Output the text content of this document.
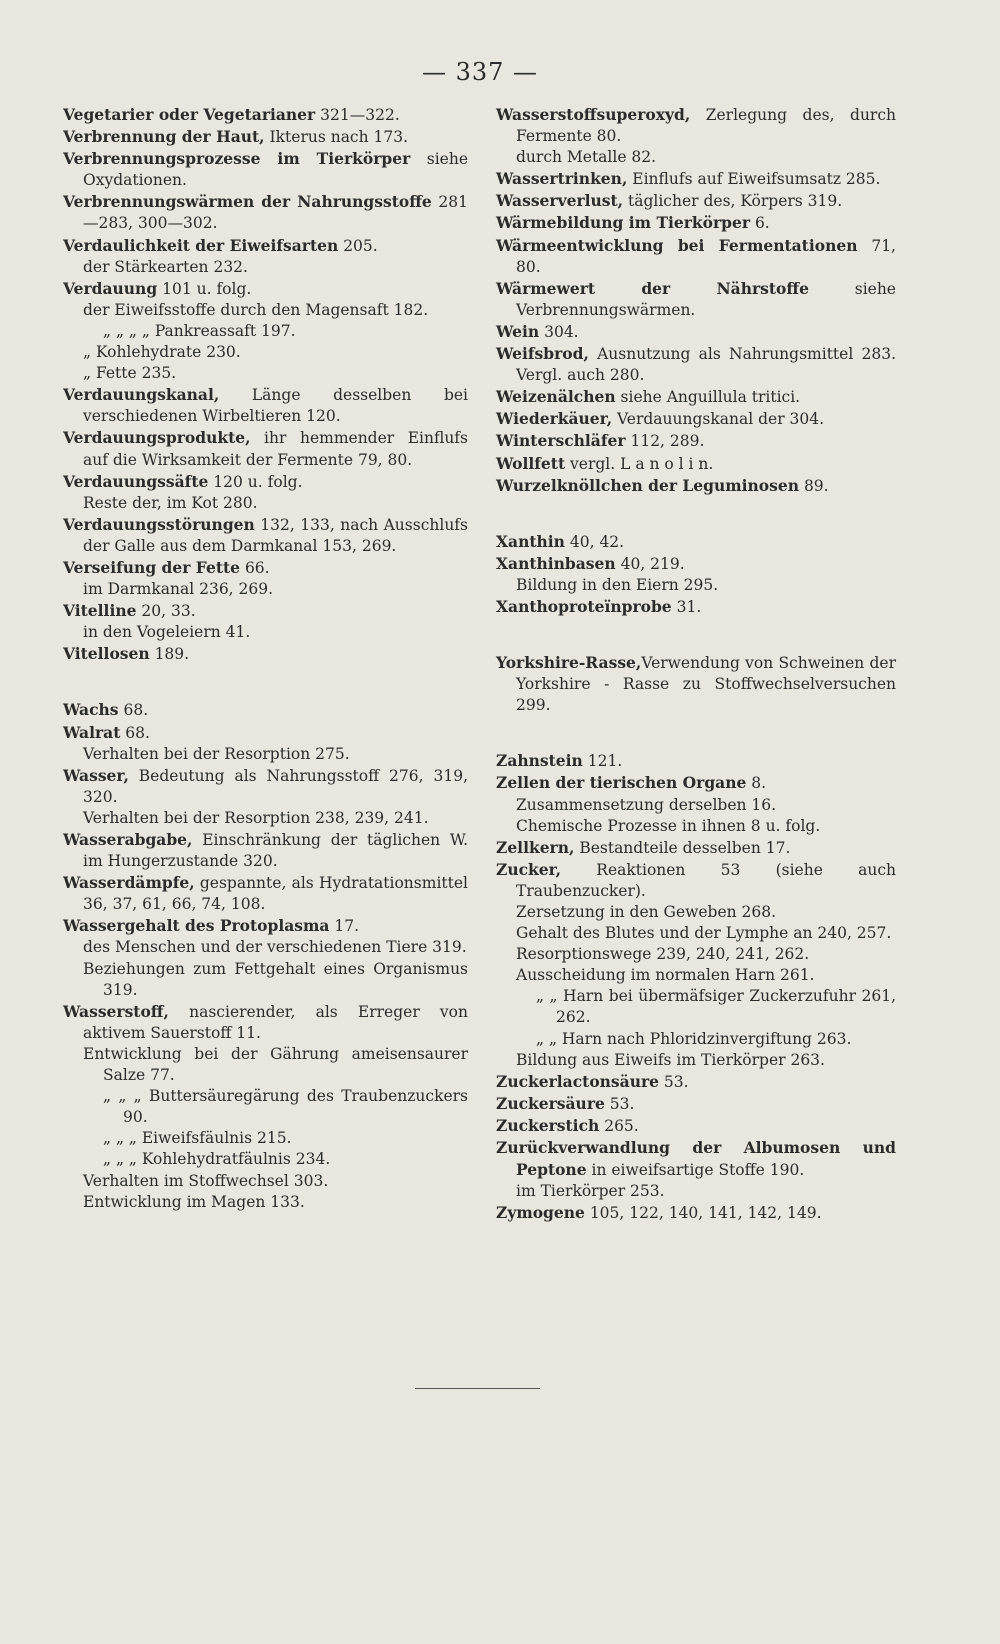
— 337 —

Vegetarier oder Vegetarianer 321—322.

Verbrennung der Haut, Ikterus nach 173.

Verbrennungsprozesse im Tierkörper siehe Oxydationen.

Verbrennungswärmen der Nahrungsstoffe 281—283, 300—302.

Verdaulichkeit der Eiweifsarten 205.

der Stärkearten 232.

Verdauung 101 u. folg.

der Eiweifsstoffe durch den Magensaft 182.

„ „ „ „ Pankreassaft 197.

„ Kohlehydrate 230.

„ Fette 235.

Verdauungskanal, Länge desselben bei verschiedenen Wirbeltieren 120.

Verdauungsprodukte, ihr hemmender Einflufs auf die Wirksamkeit der Fermente 79, 80.

Verdauungssäfte 120 u. folg.

Reste der, im Kot 280.

Verdauungsstörungen 132, 133, nach Ausschlufs der Galle aus dem Darmkanal 153, 269.

Verseifung der Fette 66.

im Darmkanal 236, 269.

Vitelline 20, 33.

in den Vogeleiern 41.

Vitellosen 189.

Wachs 68.

Walrat 68.

Verhalten bei der Resorption 275.

Wasser, Bedeutung als Nahrungsstoff 276, 319, 320.

Verhalten bei der Resorption 238, 239, 241.

Wasserabgabe, Einschränkung der täglichen W. im Hungerzustande 320.

Wasserdämpfe, gespannte, als Hydratationsmittel 36, 37, 61, 66, 74, 108.

Wassergehalt des Protoplasma 17.

des Menschen und der verschiedenen Tiere 319.

Beziehungen zum Fettgehalt eines Organismus 319.

Wasserstoff, nascierender, als Erreger von aktivem Sauerstoff 11.

Entwicklung bei der Gährung ameisensaurer Salze 77.

„ „ „ Buttersäuregärung des Traubenzuckers 90.

„ „ „ Eiweifsfäulnis 215.

„ „ „ Kohlehydratfäulnis 234.

Verhalten im Stoffwechsel 303.

Entwicklung im Magen 133.

Wasserstoffsuperoxyd, Zerlegung des, durch Fermente 80.

durch Metalle 82.

Wassertrinken, Einflufs auf Eiweifsumsatz 285.

Wasserverlust, täglicher des, Körpers 319.

Wärmebildung im Tierkörper 6.

Wärmeentwicklung bei Fermentationen 71, 80.

Wärmewert der Nährstoffe siehe Verbrennungswärmen.

Wein 304.

Weifsbrod, Ausnutzung als Nahrungsmittel 283. Vergl. auch 280.

Weizenälchen siehe Anguillula tritici.

Wiederkäuer, Verdauungskanal der 304.

Winterschläfer 112, 289.

Wollfett vergl. L a n o l i n.

Wurzelknöllchen der Leguminosen 89.

Xanthin 40, 42.

Xanthinbasen 40, 219.

Bildung in den Eiern 295.

Xanthoproteïnprobe 31.

Yorkshire-Rasse,Verwendung von Schweinen der Yorkshire - Rasse zu Stoffwechselversuchen 299.

Zahnstein 121.

Zellen der tierischen Organe 8.

Zusammensetzung derselben 16.

Chemische Prozesse in ihnen 8 u. folg.

Zellkern, Bestandteile desselben 17.

Zucker, Reaktionen 53 (siehe auch Traubenzucker).

Zersetzung in den Geweben 268.

Gehalt des Blutes und der Lymphe an 240, 257.

Resorptionswege 239, 240, 241, 262.

Ausscheidung im normalen Harn 261.

„ „ Harn bei übermäfsiger Zuckerzufuhr 261, 262.

„ „ Harn nach Phloridzinvergiftung 263.

Bildung aus Eiweifs im Tierkörper 263.

Zuckerlactonsäure 53.

Zuckersäure 53.

Zuckerstich 265.

Zurückverwandlung der Albumosen und Peptone in eiweifsartige Stoffe 190.

im Tierkörper 253.

Zymogene 105, 122, 140, 141, 142, 149.
